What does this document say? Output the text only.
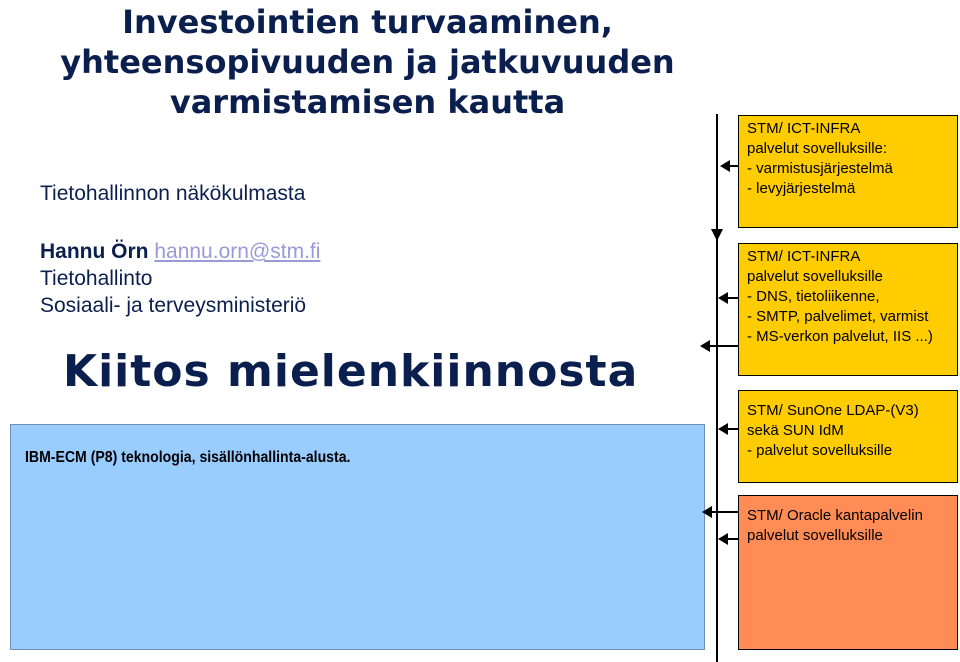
Investointien turvaaminen,
yhteensopivuuden ja jatkuvuuden
varmistamisen kautta
Tietohallinnon näkökulmasta
Hannu Örn hannu.orn@stm.fi
Tietohallinto
Sosiaali- ja terveysministeriö
Kiitos mielenkiinnosta
IBM-ECM (P8) teknologia, sisällönhallinta-alusta.
STM/ ICT-INFRA
palvelut sovelluksille:
- varmistusjärjestelmä
- levyjärjestelmä
STM/ ICT-INFRA
palvelut sovelluksille
- DNS, tietoliikenne,
- SMTP, palvelimet, varmist
- MS-verkon palvelut, IIS ...)
STM/ SunOne LDAP-(V3)
sekä SUN IdM
- palvelut sovelluksille
STM/ Oracle kantapalvelin
palvelut sovelluksille
